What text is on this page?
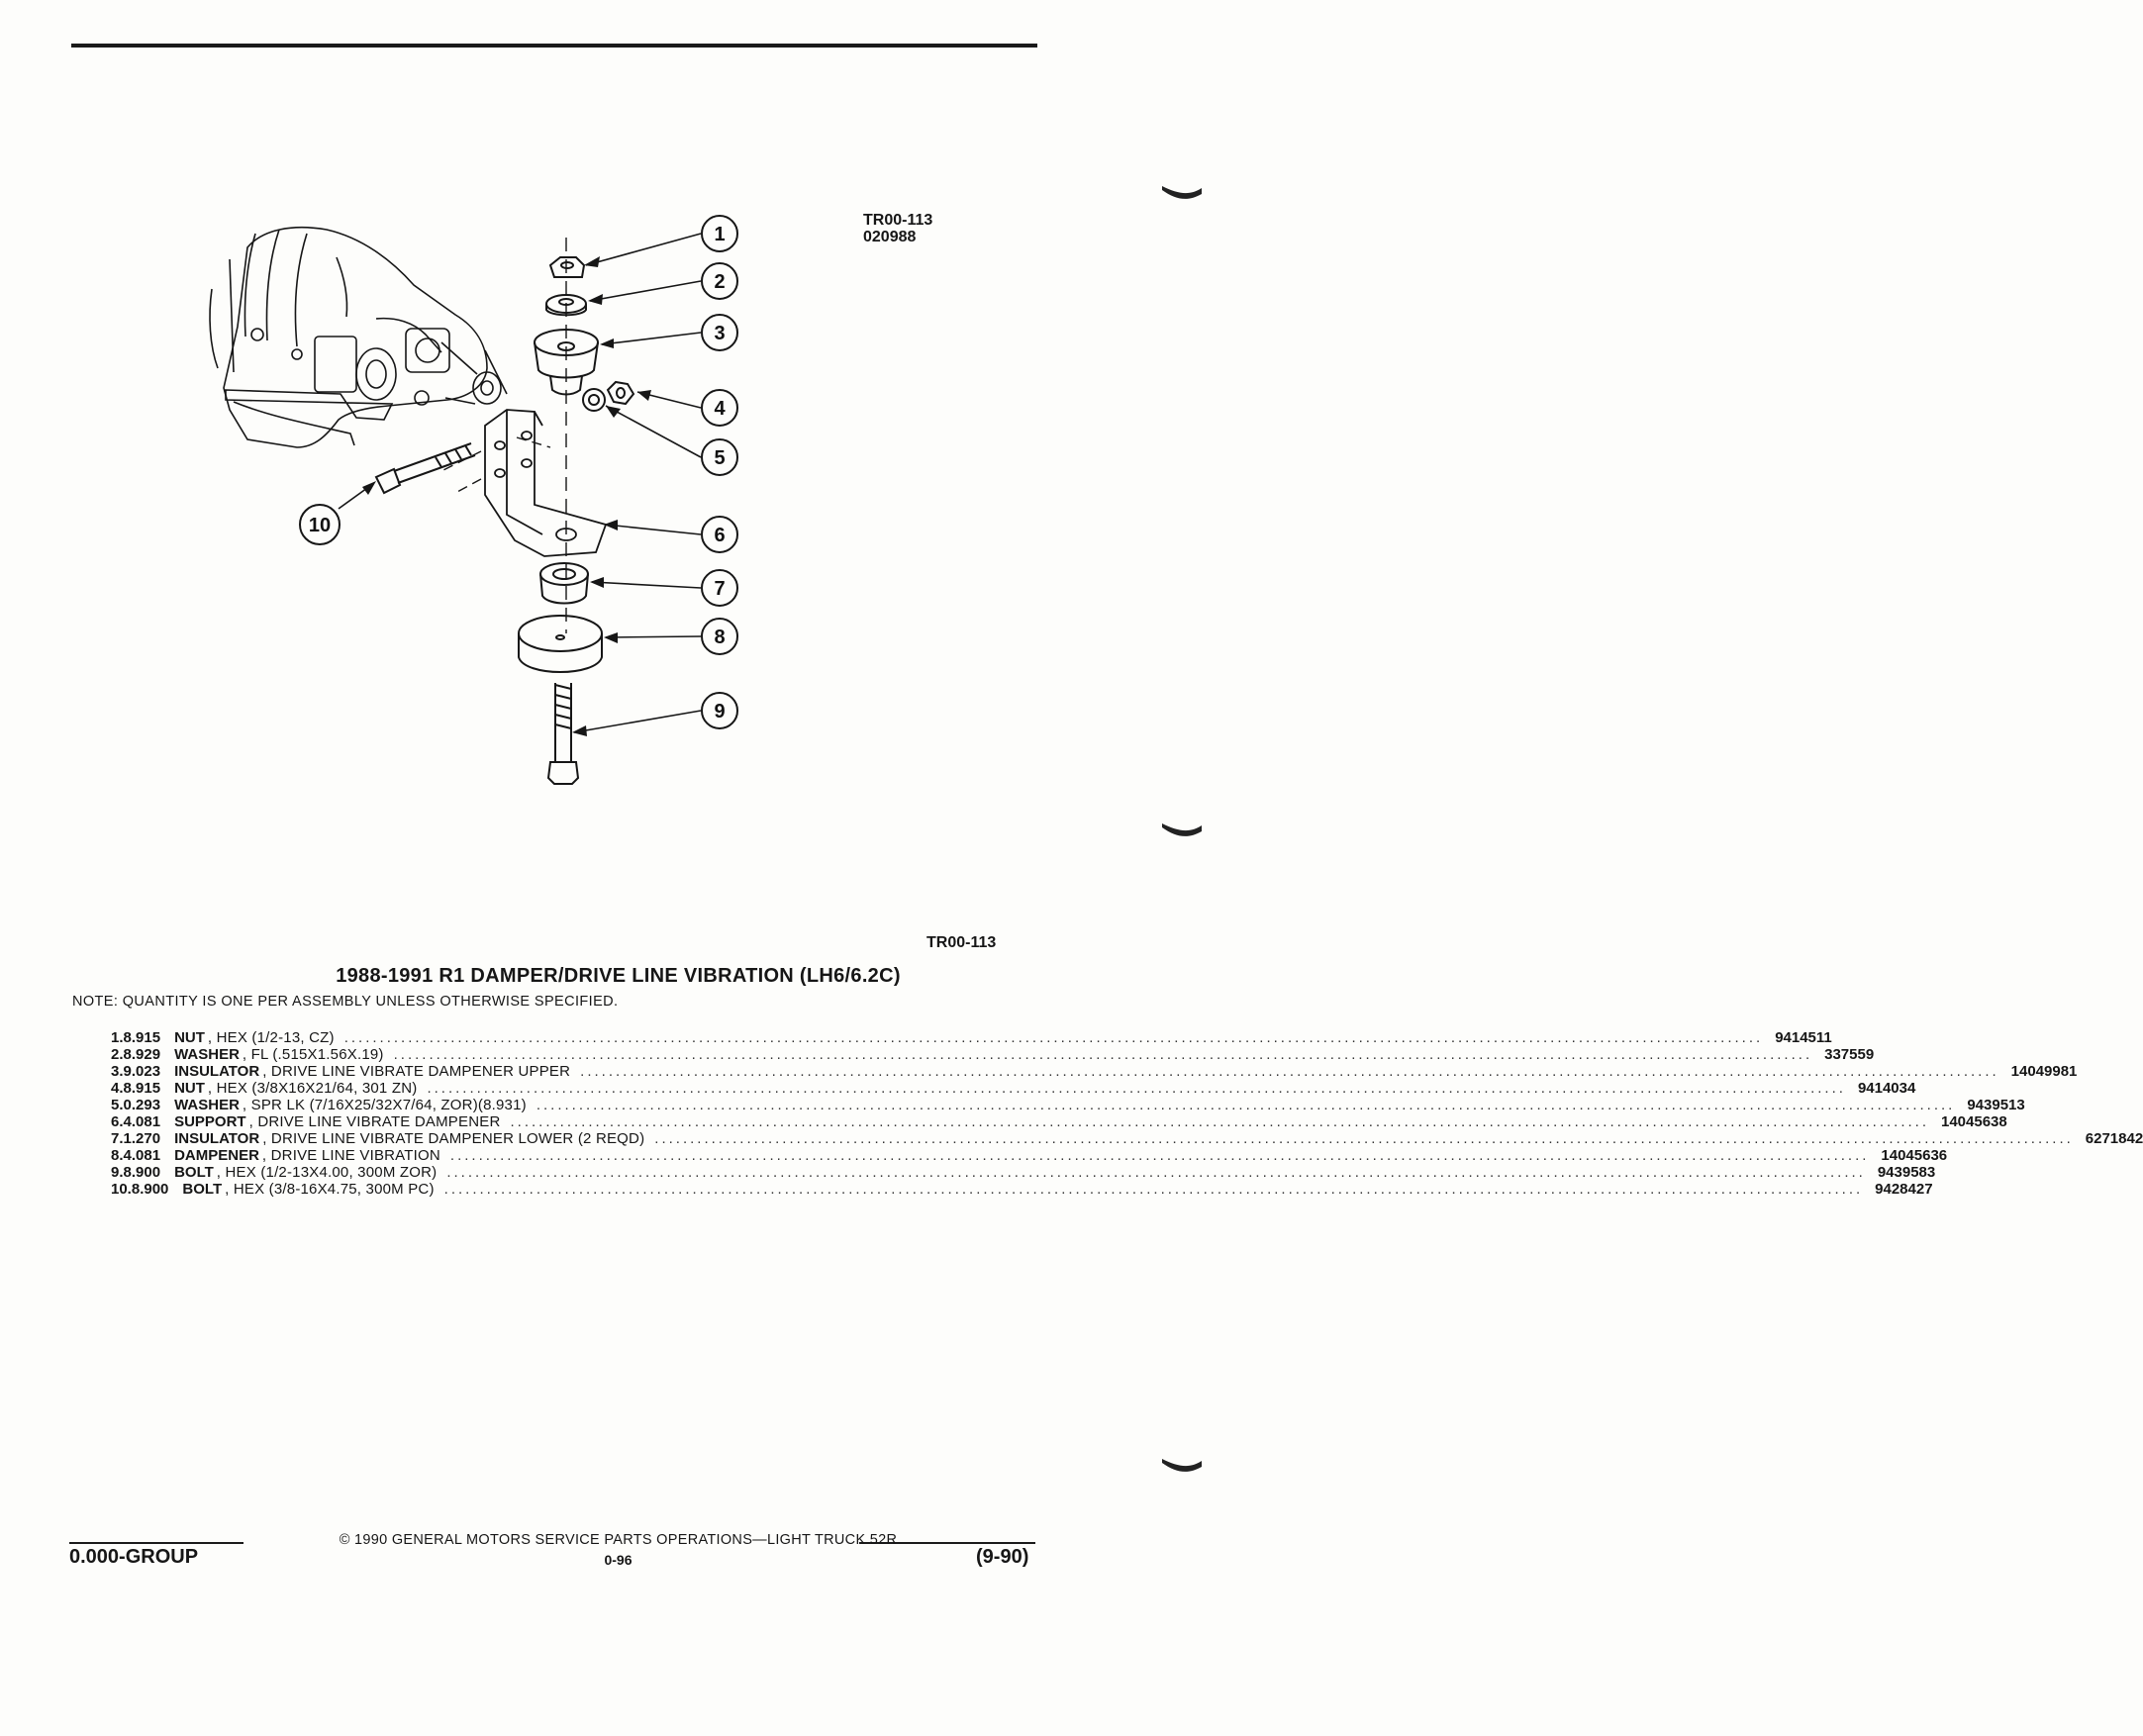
TR00-113
020988
1
2
3
4
5
6
7
8
9
10
TR00-113
1988-1991 R1 DAMPER/DRIVE LINE VIBRATION (LH6/6.2C)
NOTE: QUANTITY IS ONE PER ASSEMBLY UNLESS OTHERWISE SPECIFIED.
1. 8.915 NUT , HEX (1/2-13, CZ) ........................................................................................................................................................................................................ 9414511
2. 8.929 WASHER , FL (.515X1.56X.19) ........................................................................................................................................................................................................ 337559
3. 9.023 INSULATOR , DRIVE LINE VIBRATE DAMPENER UPPER ........................................................................................................................................................................................................ 14049981
4. 8.915 NUT , HEX (3/8X16X21/64, 301 ZN) ........................................................................................................................................................................................................ 9414034
5. 0.293 WASHER , SPR LK (7/16X25/32X7/64, ZOR)(8.931) ........................................................................................................................................................................................................ 9439513
6. 4.081 SUPPORT , DRIVE LINE VIBRATE DAMPENER ........................................................................................................................................................................................................ 14045638
7. 1.270 INSULATOR , DRIVE LINE VIBRATE DAMPENER LOWER (2 REQD) ........................................................................................................................................................................................................ 6271842
8. 4.081 DAMPENER , DRIVE LINE VIBRATION ........................................................................................................................................................................................................ 14045636
9. 8.900 BOLT , HEX (1/2-13X4.00, 300M ZOR) ........................................................................................................................................................................................................ 9439583
10. 8.900 BOLT , HEX (3/8-16X4.75, 300M PC) ........................................................................................................................................................................................................ 9428427
© 1990 GENERAL MOTORS SERVICE PARTS OPERATIONS—LIGHT TRUCK 52R
0.000-GROUP	0-96	(9-90)
